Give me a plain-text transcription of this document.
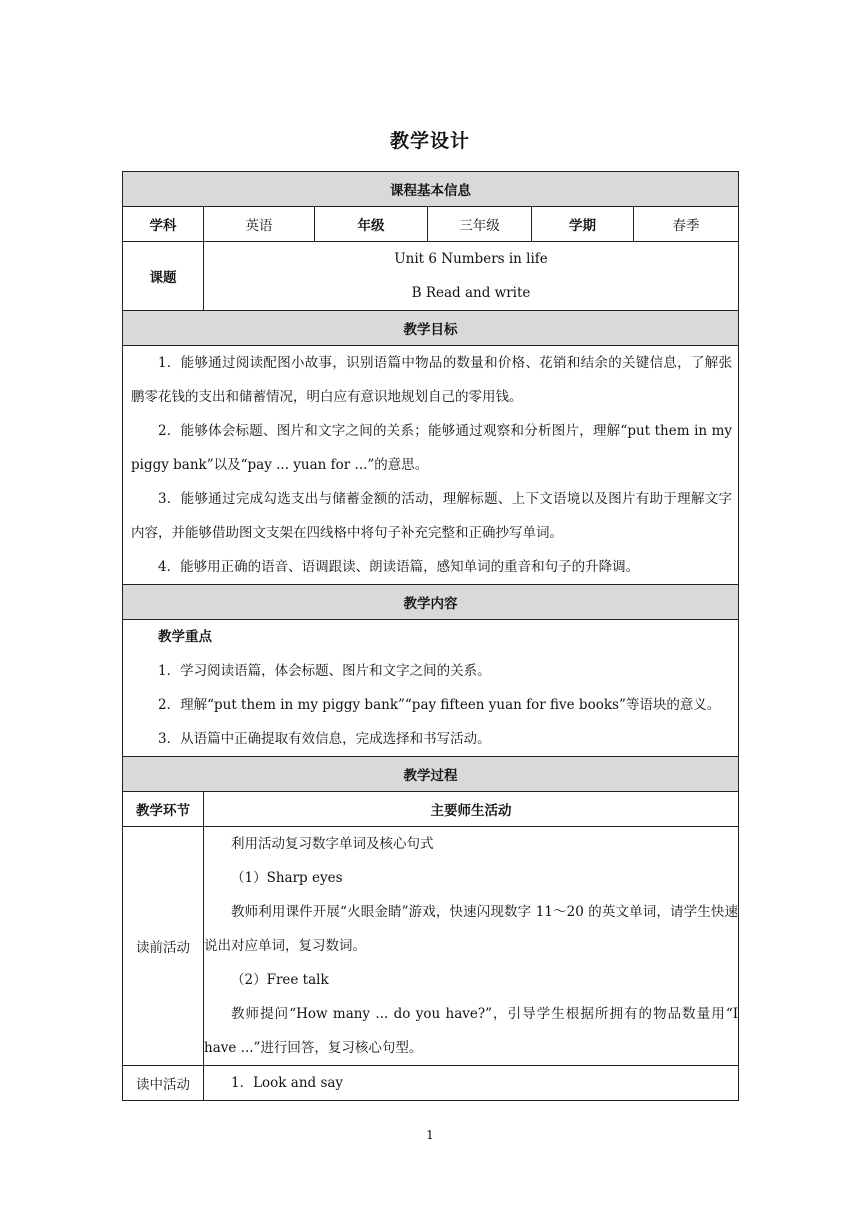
教学设计
课程基本信息					
学科	英语	年级	三年级	学期	春季
课题	Unit 6 Numbers in life
B Read and write				

教学目标					

1．能够通过阅读配图小故事，识别语篇中物品的数量和价格、花销和结余的关键信息，了解张鹏零花钱的支出和储蓄情况，明白应有意识地规划自己的零用钱。
2．能够体会标题、图片和文字之间的关系；能够通过观察和分析图片，理解“put them in my piggy bank”以及“pay ... yuan for ...”的意思。
3．能够通过完成勾选支出与储蓄金额的活动，理解标题、上下文语境以及图片有助于理解文字内容，并能够借助图文支架在四线格中将句子补充完整和正确抄写单词。
4．能够用正确的语音、语调跟读、朗读语篇，感知单词的重音和句子的升降调。					

教学内容					

教学重点
1．学习阅读语篇，体会标题、图片和文字之间的关系。
2．理解“put them in my piggy bank”“pay fifteen yuan for five books”等语块的意义。
3．从语篇中正确提取有效信息，完成选择和书写活动。					

教学过程					
教学环节	主要师生活动				
读前活动	利用活动复习数字单词及核心句式
（1）Sharp eyes
教师利用课件开展“火眼金睛”游戏，快速闪现数字 11～20 的英文单词，请学生快速说出对应单词，复习数词。
（2）Free talk
教师提问“How many ... do you have?”，引导学生根据所拥有的物品数量用“I have ...”进行回答，复习核心句型。				

读中活动	1．Look and say				
1
